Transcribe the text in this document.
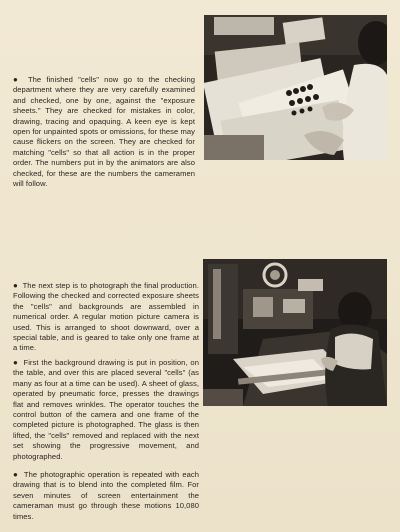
● The finished "cells" now go to the checking department where they are very carefully examined and checked, one by one, against the "exposure sheets." They are checked for mistakes in color, drawing, tracing and opaquing. A keen eye is kept open for unpainted spots or omissions, for these may cause flickers on the screen. They are checked for matching "cells" so that all action is in the proper order. The numbers put in by the animators are also checked, for these are the numbers the cameramen will follow.
● The next step is to photograph the final production. Following the checked and corrected exposure sheets the "cells" and backgrounds are assembled in numerical order. A regular motion picture camera is used. This is arranged to shoot downward, over a special table, and is geared to take only one frame at a time.
● First the background drawing is put in position, on the table, and over this are placed several "cells" (as many as four at a time can be used). A sheet of glass, operated by pneumatic force, presses the drawings flat and removes wrinkles. The operator touches the control button of the camera and one frame of the completed picture is photographed. The glass is then lifted, the "cells" removed and replaced with the next set showing the progressive movement, and photographed.
● The photographic operation is repeated with each drawing that is to blend into the completed film. For seven minutes of screen entertainment the cameraman must go through these motions 10,080 times.
